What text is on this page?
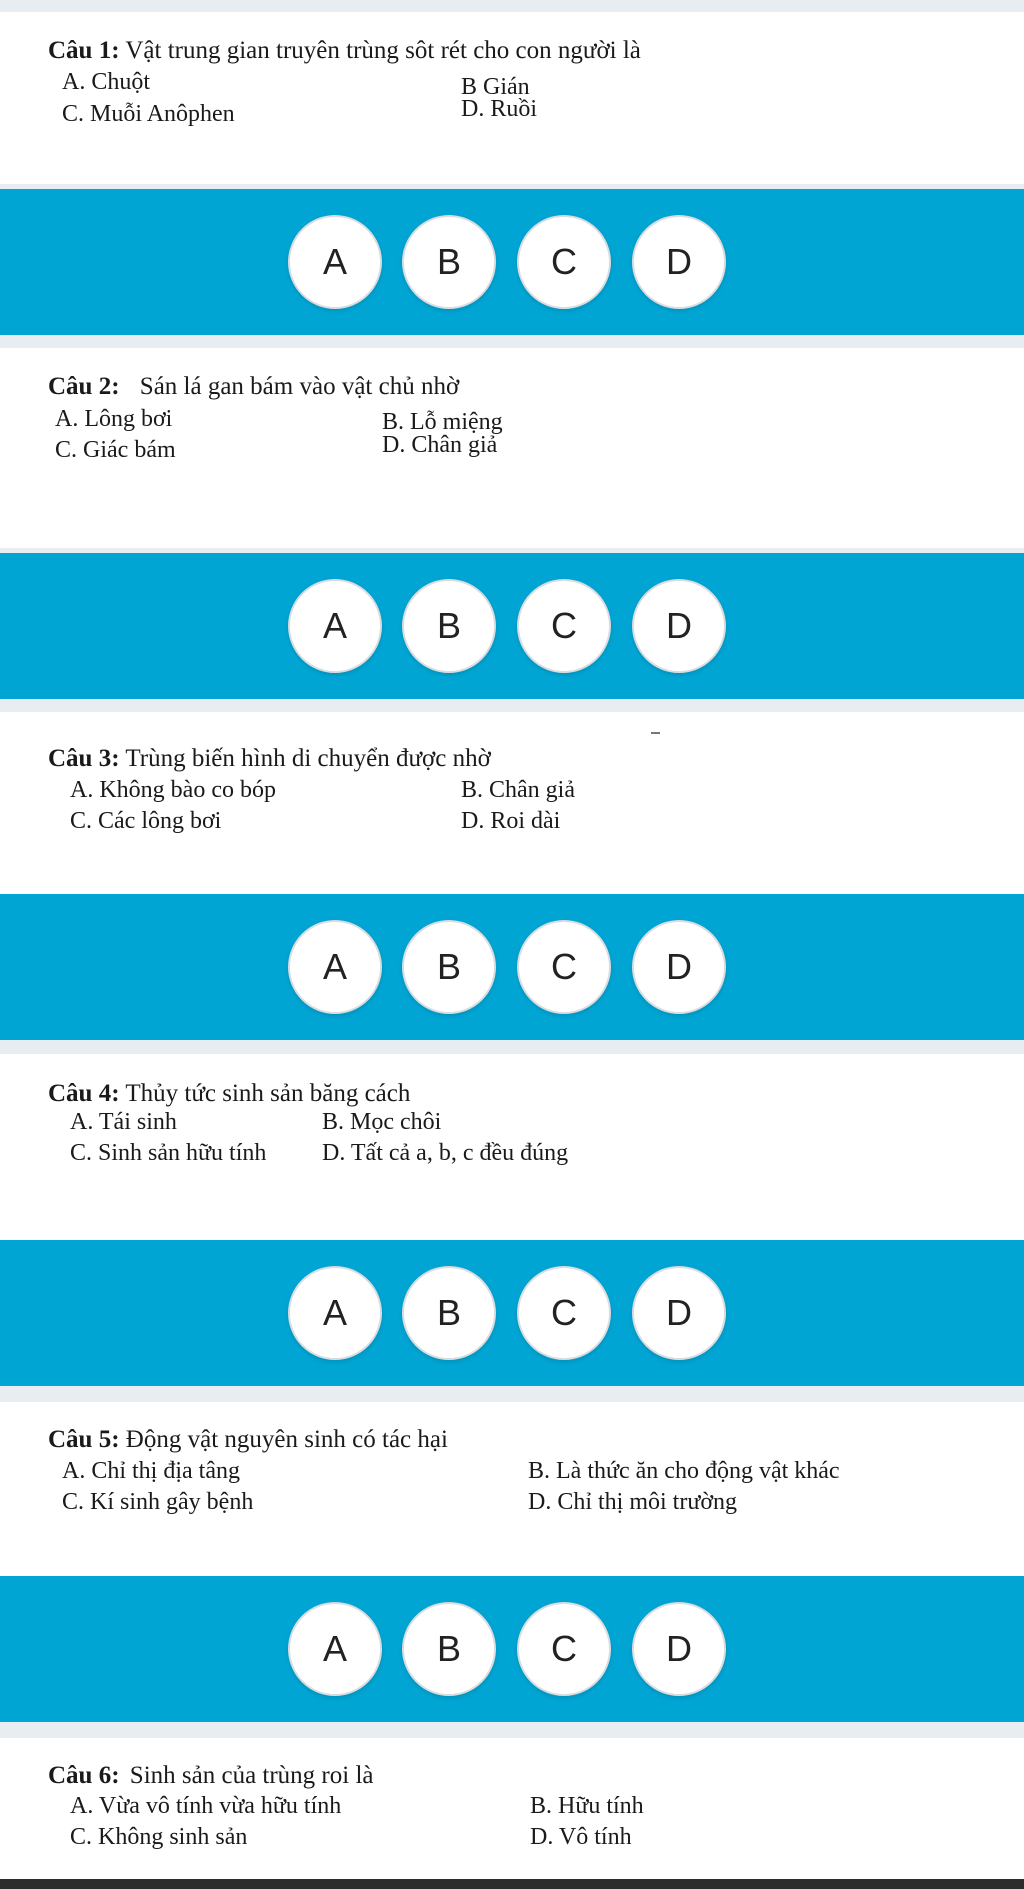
Câu 1: Vật trung gian truyên trùng sôt rét cho con người là
A. Chuột	B Gián
C. Muỗi Anôphen	D. Ruồi
A	B	C	D
Câu 2: Sán lá gan bám vào vật chủ nhờ
A. Lông bơi	B. Lỗ miệng
C. Giác bám	D. Chân giả
A	B	C	D
Câu 3: Trùng biến hình di chuyển được nhờ
A. Không bào co bóp	B. Chân giả
C. Các lông bơi	D. Roi dài
A	B	C	D
Câu 4: Thủy tức sinh sản băng cách
A. Tái sinh	B. Mọc chôi
C. Sinh sản hữu tính D. Tất cả a, b, c đều đúng
A	B	C	D
Câu 5: Động vật nguyên sinh có tác hại
A. Chỉ thị địa tâng	B. Là thức ăn cho động vật khác
C. Kí sinh gây bệnh	D. Chỉ thị môi trường
A	B	C	D
Câu 6: Sinh sản của trùng roi là
A. Vừa vô tính vừa hữu tính	B. Hữu tính
C. Không sinh sản	D. Vô tính
